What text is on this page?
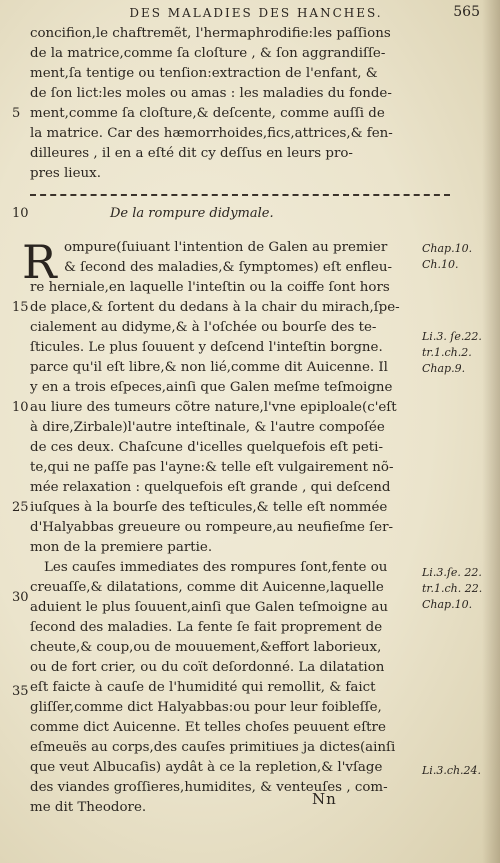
DES MALADIES DES HANCHES.	565
concifion,le chaftremẽt, l'hermaphrodifie:les paſſions
de la matrice,comme ſa cloſture , & ſon aggrandiſſe-
ment,ſa tentige ou tenſion:extraction de l'enfant, &
de ſon lict:les moles ou amas : les maladies du fonde-
ment,comme ſa cloſture,& deſcente, comme auſſi de
la matrice. Car des hæmorrhoides,fics,attrices,& fen-
dilleures , il en a eſté dit cy deſſus en leurs pro-
pres lieux.
5
10	De la rompure didymale.
R ompure(ſuiuant l'intention de Galen au premier
& ſecond des maladies,& ſymptomes) eſt enfleu-
re herniale,en laquelle l'inteſtin ou la coiffe ſont hors
de place,& ſortent du dedans à la chair du mirach,ſpe-
cialement au didyme,& à l'oſchée ou bourſe des te-
ſticules. Le plus ſouuent y deſcend l'inteſtin borgne.
parce qu'il eſt libre,& non lié,comme dit Auicenne. Il
y en a trois eſpeces,ainſi que Galen meſme teſmoigne
au liure des tumeurs cõtre nature,l'vne epiploale(c'eſt
à dire,Zirbale)l'autre inteſtinale, & l'autre compoſée
de ces deux. Chaſcune d'icelles quelquefois eſt peti-
te,qui ne paſſe pas l'ayne:& telle eſt vulgairement nõ-
mée relaxation : quelquefois eſt grande , qui deſcend
iuſques à la bourſe des teſticules,& telle eſt nommée
d'Halyabbas greueure ou rompeure,au neufieſme ſer-
mon de la premiere partie.
Les cauſes immediates des rompures ſont,fente ou
creuaſſe,& dilatations, comme dit Auicenne,laquelle
aduient le plus ſouuent,ainſi que Galen teſmoigne au
ſecond des maladies. La fente ſe fait proprement de
cheute,& coup,ou de mouuement,&effort laborieux,
ou de fort crier, ou du coït deſordonné. La dilatation
eſt faicte à cauſe de l'humidité qui remollit, & faict
gliſſer,comme dict Halyabbas:ou pour leur foibleſſe,
comme dict Auicenne. Et telles choſes peuuent eſtre
eſmeuës au corps,des cauſes primitiues ja dictes(ainſi
que veut Albucaſis) aydât à ce la repletion,& l'vſage
des viandes groſſieres,humidites, & venteuſes , com-
me dit Theodore.
15
10
25
30
35
Chap.10.
Ch.10.
Li.3. ſe.22.
tr.1.ch.2.
Chap.9.
Li.3.ſe. 22.
tr.1.ch. 22.
Chap.10.
Li.3.ch.24.
Nn
